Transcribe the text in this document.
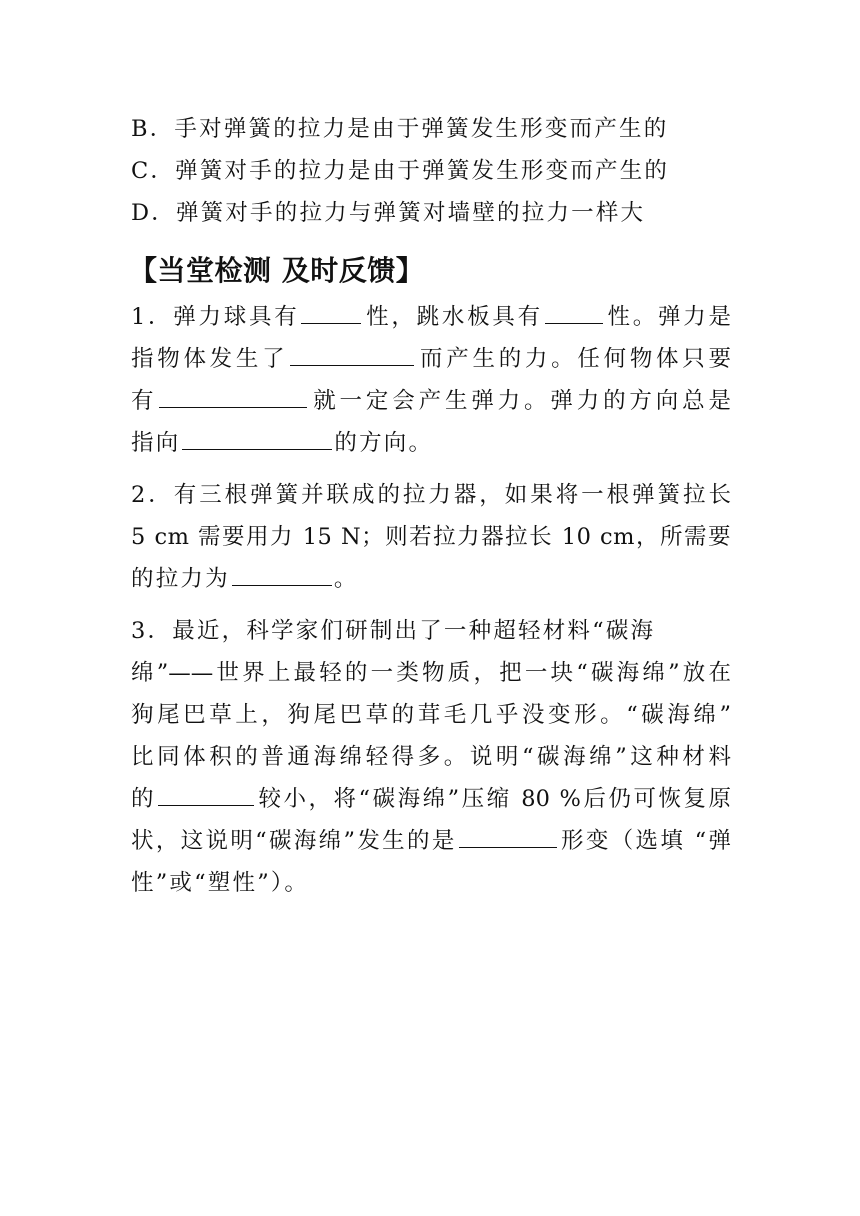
B．手对弹簧的拉力是由于弹簧发生形变而产生的
C．弹簧对手的拉力是由于弹簧发生形变而产生的
D．弹簧对手的拉力与弹簧对墙壁的拉力一样大
【当堂检测 及时反馈】
1．弹力球具有	性，跳水板具有	性。弹力是
指物体发生了	而产生的力。任何物体只要
有	就一定会产生弹力。弹力的方向总是
指向	的方向。
2．有三根弹簧并联成的拉力器，如果将一根弹簧拉长
5 cm 需要用力 15 N；则若拉力器拉长 10 cm，所需要
的拉力为	。
3．最近，科学家们研制出了一种超轻材料“碳海
绵”——世界上最轻的一类物质，把一块“碳海绵”放在
狗尾巴草上，狗尾巴草的茸毛几乎没变形。“碳海绵”
比同体积的普通海绵轻得多。说明“碳海绵”这种材料
的	较小，将“碳海绵”压缩 80 %后仍可恢复原
状，这说明“碳海绵”发生的是	形变（选填 “弹
性”或“塑性”）。
